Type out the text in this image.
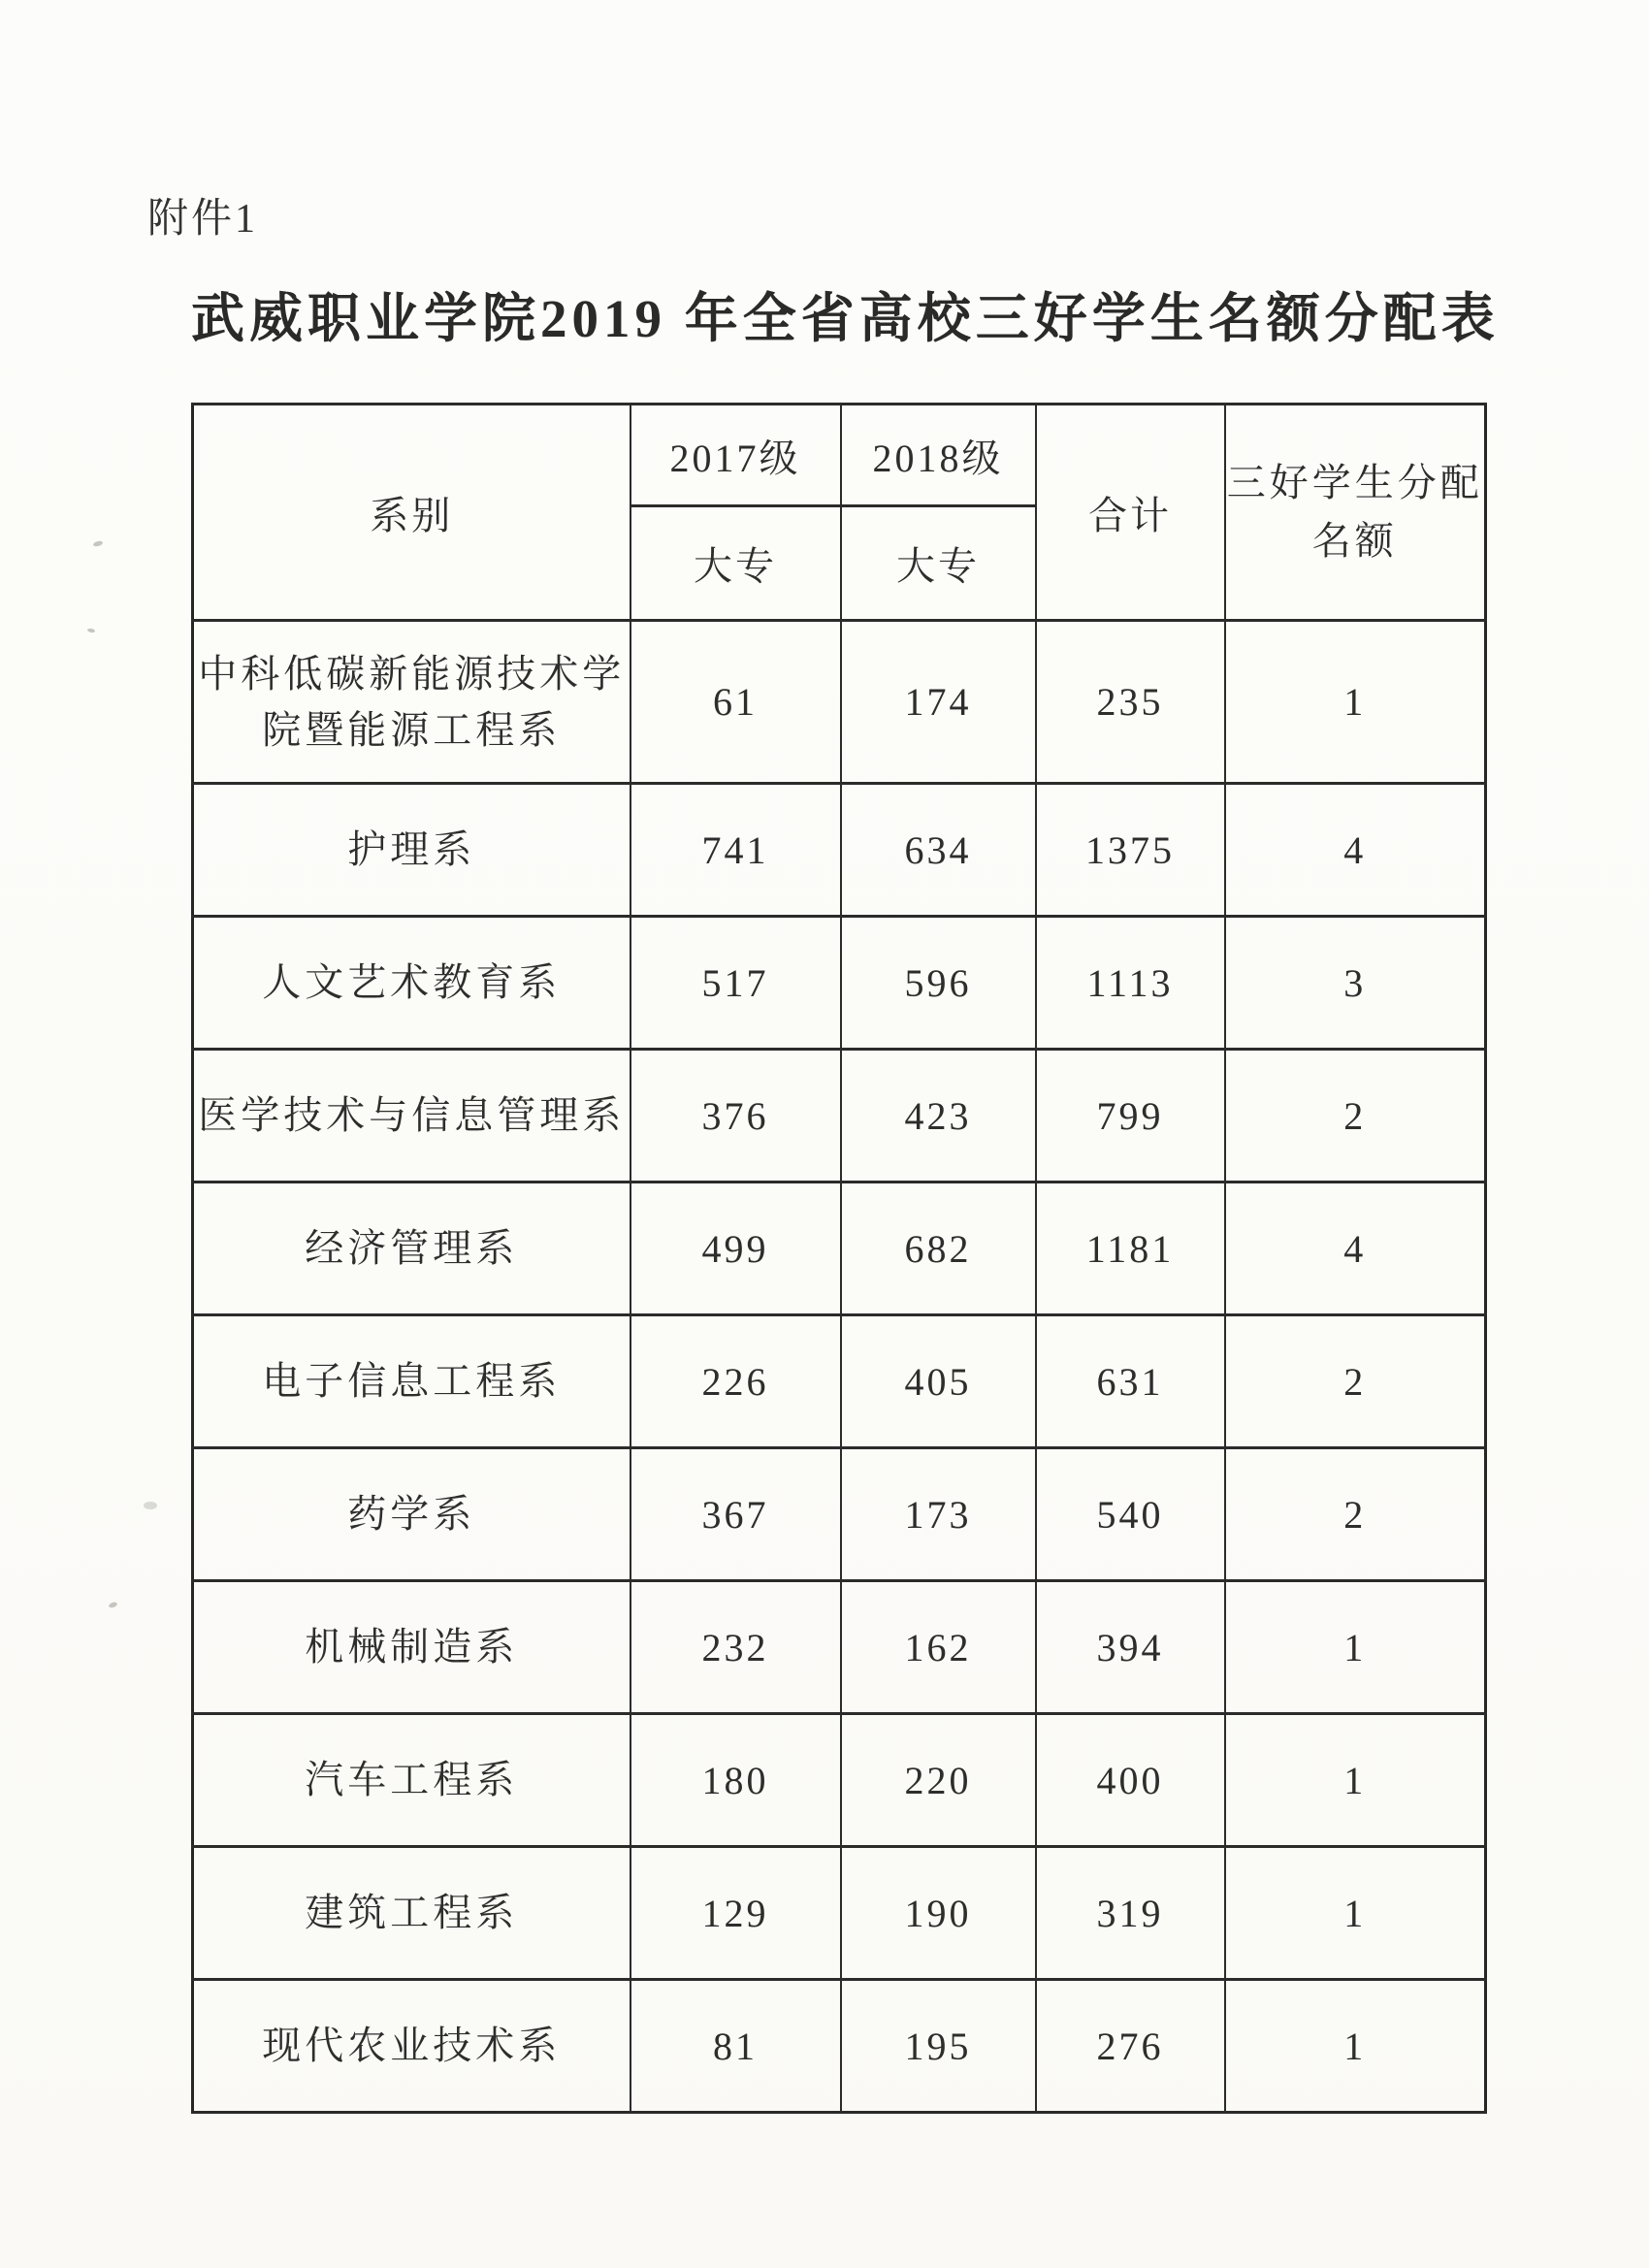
附件1
武威职业学院2019 年全省高校三好学生名额分配表
系别	2017级	2018级	合计	三好学生分配名额
	大专	大专		
中科低碳新能源技术学院暨能源工程系	61	174	235	1
护理系	741	634	1375	4
人文艺术教育系	517	596	1113	3
医学技术与信息管理系	376	423	799	2
经济管理系	499	682	1181	4
电子信息工程系	226	405	631	2
药学系	367	173	540	2
机械制造系	232	162	394	1
汽车工程系	180	220	400	1
建筑工程系	129	190	319	1
现代农业技术系	81	195	276	1
